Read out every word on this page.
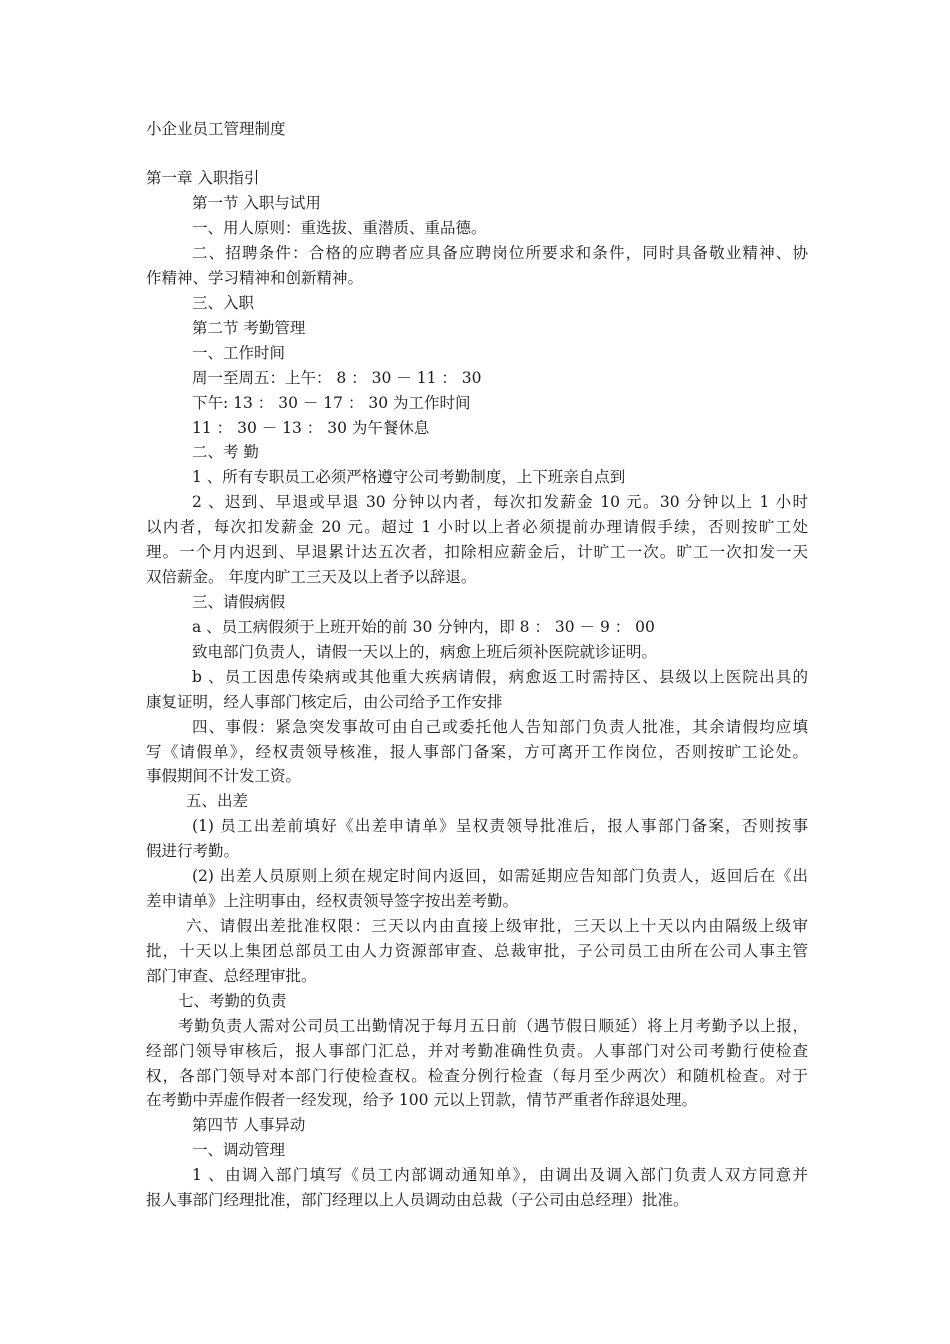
小企业员工管理制度
第一章 入职指引
第一节 入职与试用
一、用人原则：重选拔、重潜质、重品德。
二、招聘条件：合格的应聘者应具备应聘岗位所要求和条件，同时具备敬业精神、协
作精神、学习精神和创新精神。
三、入职
第二节 考勤管理
一、工作时间
周一至周五：上午： 8 ： 30 － 11 ： 30
下午: 13 ： 30 － 17 ： 30 为工作时间
11 ： 30 － 13 ： 30 为午餐休息
二、考 勤
1 、所有专职员工必须严格遵守公司考勤制度，上下班亲自点到
2 、迟到、早退或早退 30 分钟以内者，每次扣发薪金 10 元。30 分钟以上 1 小时
以内者，每次扣发薪金 20 元。超过 1 小时以上者必须提前办理请假手续，否则按旷工处
理。一个月内迟到、早退累计达五次者，扣除相应薪金后，计旷工一次。旷工一次扣发一天
双倍薪金。 年度内旷工三天及以上者予以辞退。
三、请假病假
a 、员工病假须于上班开始的前 30 分钟内，即 8 ： 30 － 9 ： 00
致电部门负责人，请假一天以上的，病愈上班后须补医院就诊证明。
b 、员工因患传染病或其他重大疾病请假，病愈返工时需持区、县级以上医院出具的
康复证明，经人事部门核定后，由公司给予工作安排
四、事假：紧急突发事故可由自己或委托他人告知部门负责人批准，其余请假均应填
写《请假单》，经权责领导核准，报人事部门备案，方可离开工作岗位，否则按旷工论处。
事假期间不计发工资。
五、出差
(1) 员工出差前填好《出差申请单》呈权责领导批准后，报人事部门备案，否则按事
假进行考勤。
(2) 出差人员原则上须在规定时间内返回，如需延期应告知部门负责人，返回后在《出
差申请单》上注明事由，经权责领导签字按出差考勤。
六、请假出差批准权限：三天以内由直接上级审批，三天以上十天以内由隔级上级审
批，十天以上集团总部员工由人力资源部审查、总裁审批，子公司员工由所在公司人事主管
部门审查、总经理审批。
七、考勤的负责
考勤负责人需对公司员工出勤情况于每月五日前（遇节假日顺延）将上月考勤予以上报，
经部门领导审核后，报人事部门汇总，并对考勤准确性负责。人事部门对公司考勤行使检查
权，各部门领导对本部门行使检查权。检查分例行检查（每月至少两次）和随机检查。对于
在考勤中弄虚作假者一经发现，给予 100 元以上罚款，情节严重者作辞退处理。
第四节 人事异动
一、调动管理
1 、由调入部门填写《员工内部调动通知单》，由调出及调入部门负责人双方同意并
报人事部门经理批准，部门经理以上人员调动由总裁（子公司由总经理）批准。
